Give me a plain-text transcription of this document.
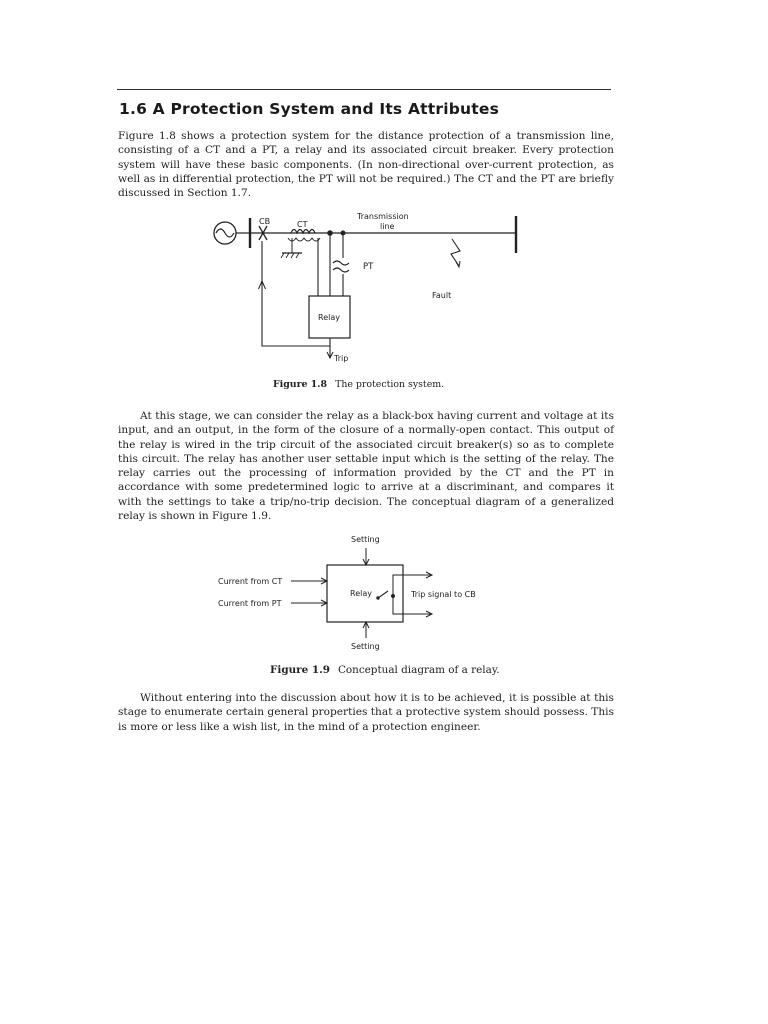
1.6 A Protection System and Its Attributes

Figure 1.8 shows a protection system for the distance protection of a transmission line, consisting of a CT and a PT, a relay and its associated circuit breaker. Every protection system will have these basic components. (In non-directional over-current protection, as well as in differential protection, the PT will not be required.) The CT and the PT are briefly discussed in Section 1.7.

CB	CT
Transmission
line
PT
Fault
Relay
Trip

Figure 1.8 The protection system.

At this stage, we can consider the relay as a black-box having current and voltage at its input, and an output, in the form of the closure of a normally-open contact. This output of the relay is wired in the trip circuit of the associated circuit breaker(s) so as to complete this circuit. The relay has another user settable input which is the setting of the relay. The relay carries out the processing of information provided by the CT and the PT in accordance with some predetermined logic to arrive at a discriminant, and compares it with the settings to take a trip/no-trip decision. The conceptual diagram of a generalized relay is shown in Figure 1.9.

Setting
Current from CT
Current from PT
Relay	Trip signal to CB
Setting

Figure 1.9 Conceptual diagram of a relay.

Without entering into the discussion about how it is to be achieved, it is possible at this stage to enumerate certain general properties that a protective system should possess. This is more or less like a wish list, in the mind of a protection engineer.
